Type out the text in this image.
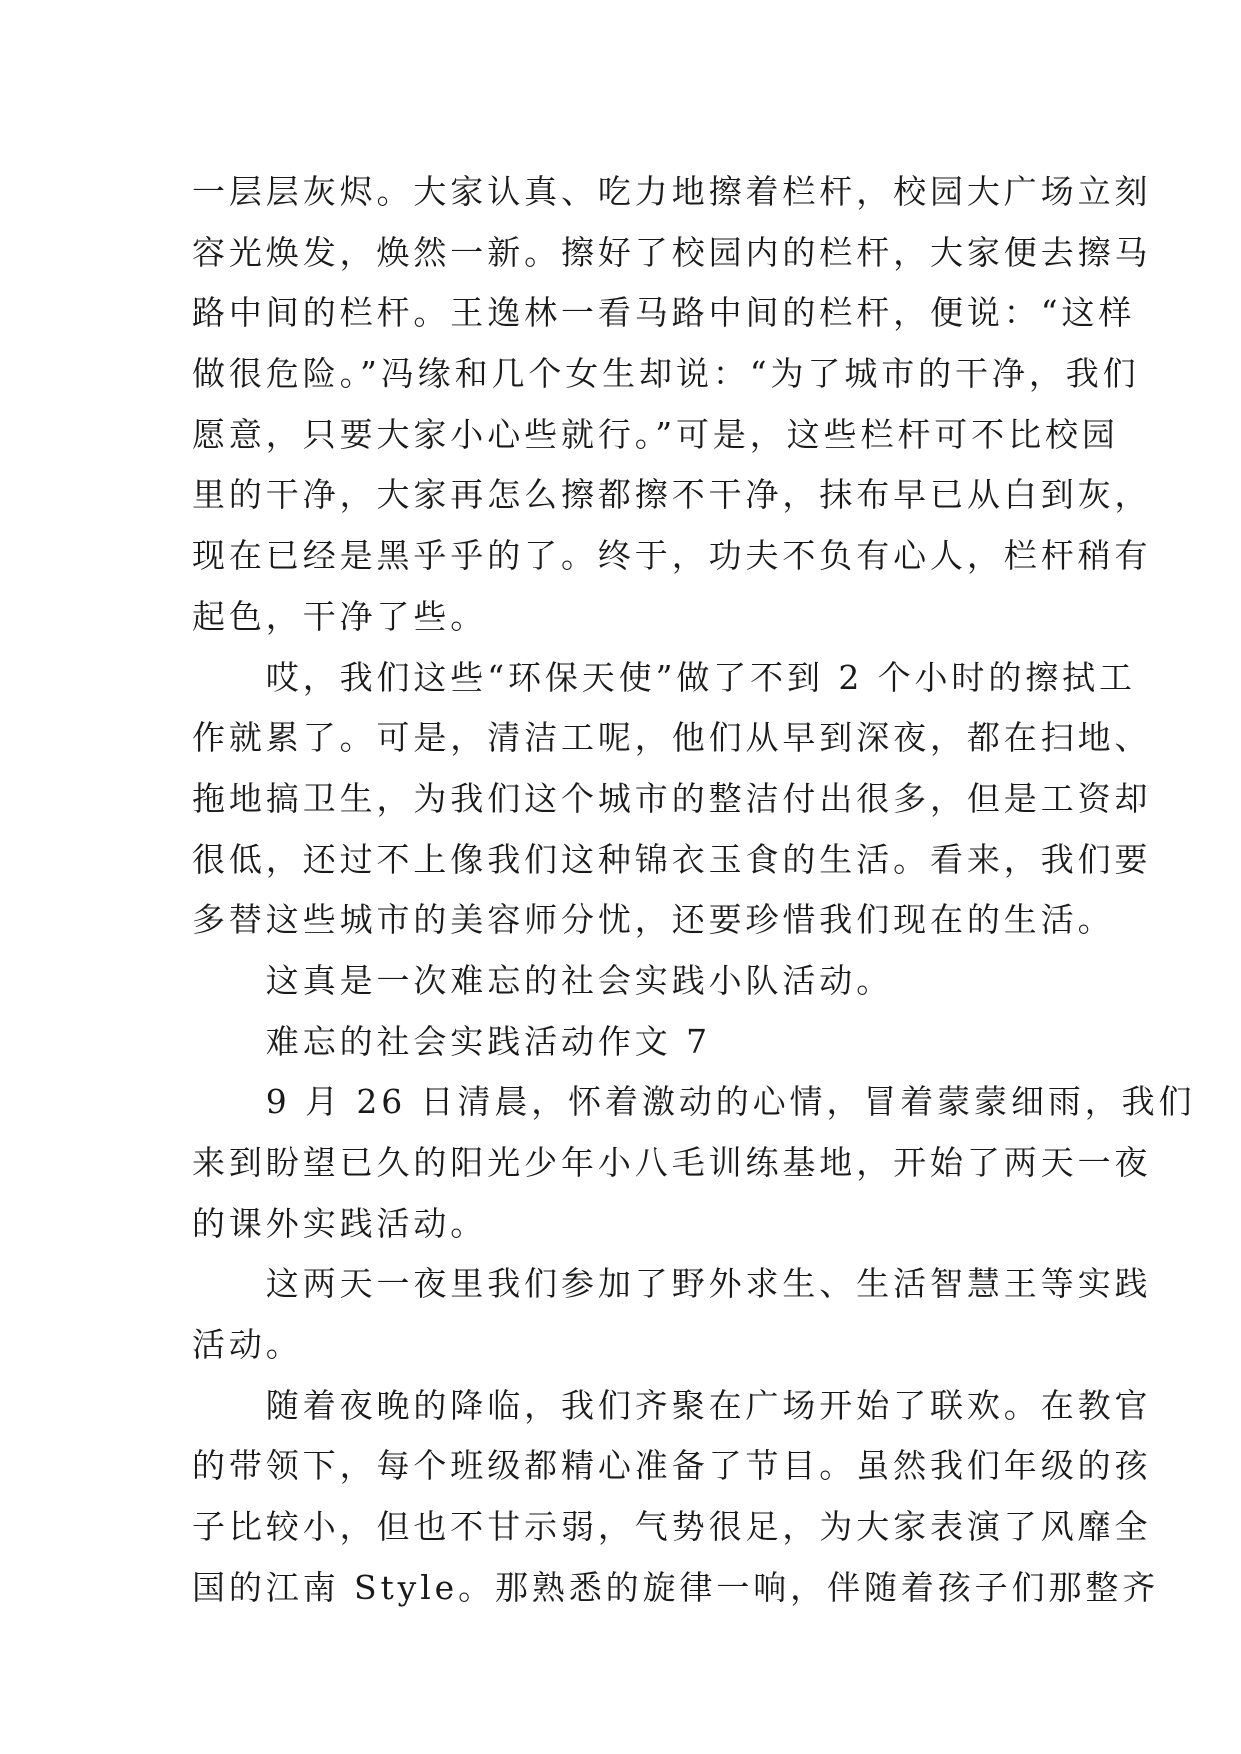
一层层灰烬。大家认真、吃力地擦着栏杆，校园大广场立刻
容光焕发，焕然一新。擦好了校园内的栏杆，大家便去擦马
路中间的栏杆。王逸林一看马路中间的栏杆，便说：“这样
做很危险。”冯缘和几个女生却说：“为了城市的干净，我们
愿意，只要大家小心些就行。”可是，这些栏杆可不比校园
里的干净，大家再怎么擦都擦不干净，抹布早已从白到灰，
现在已经是黑乎乎的了。终于，功夫不负有心人，栏杆稍有
起色，干净了些。
　　哎，我们这些“环保天使”做了不到 2 个小时的擦拭工
作就累了。可是，清洁工呢，他们从早到深夜，都在扫地、
拖地搞卫生，为我们这个城市的整洁付出很多，但是工资却
很低，还过不上像我们这种锦衣玉食的生活。看来，我们要
多替这些城市的美容师分忧，还要珍惜我们现在的生活。
　　这真是一次难忘的社会实践小队活动。
　　难忘的社会实践活动作文 7
　　9 月 26 日清晨，怀着激动的心情，冒着蒙蒙细雨，我们
来到盼望已久的阳光少年小八毛训练基地，开始了两天一夜
的课外实践活动。
　　这两天一夜里我们参加了野外求生、生活智慧王等实践
活动。
　　随着夜晚的降临，我们齐聚在广场开始了联欢。在教官
的带领下，每个班级都精心准备了节目。虽然我们年级的孩
子比较小，但也不甘示弱，气势很足，为大家表演了风靡全
国的江南 Style。那熟悉的旋律一响，伴随着孩子们那整齐
